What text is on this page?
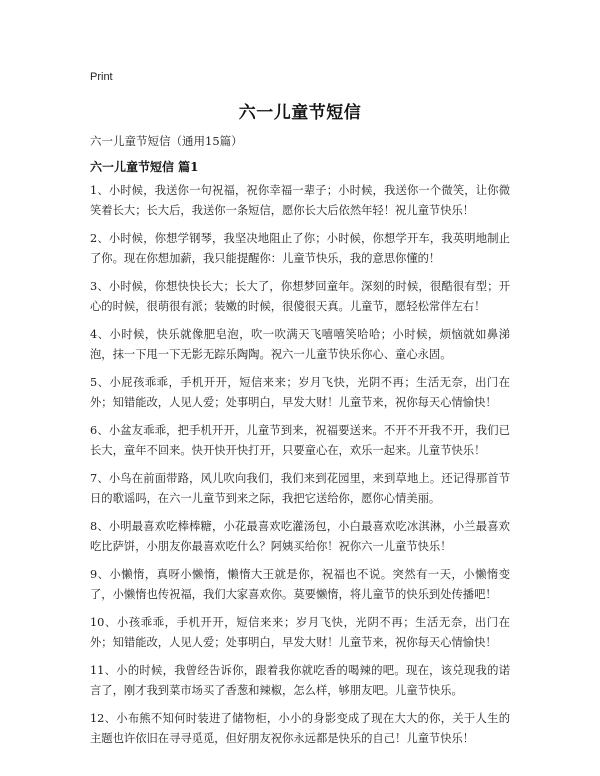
Print
六一儿童节短信
六一儿童节短信（通用15篇）
六一儿童节短信 篇1
1、小时候，我送你一句祝福，祝你幸福一辈子；小时候，我送你一个微笑，让你微笑着长大；长大后，我送你一条短信，愿你长大后依然年轻！祝儿童节快乐！
2、小时候，你想学钢琴，我坚决地阻止了你；小时候，你想学开车，我英明地制止了你。现在你想加薪，我只能提醒你：儿童节快乐，我的意思你懂的！
3、小时候，你想快快长大；长大了，你想梦回童年。深刻的时候，很酷很有型；开心的时候，很萌很有派；装嫩的时候，很傻很天真。儿童节，愿轻松常伴左右！
4、小时候，快乐就像肥皂泡，吹一吹满天飞嘻嘻笑哈哈；小时候，烦恼就如鼻涕泡，抹一下甩一下无影无踪乐陶陶。祝六一儿童节快乐你心、童心永固。
5、小屁孩乖乖，手机开开，短信来来；岁月飞快，光阴不再；生活无奈，出门在外；知错能改，人见人爱；处事明白，早发大财！儿童节来，祝你每天心情愉快！
6、小盆友乖乖，把手机开开，儿童节到来，祝福要送来。不开不开我不开，我们已长大，童年不回来。快开快开快打开，只要童心在，欢乐一起来。儿童节快乐！
7、小鸟在前面带路，风儿吹向我们，我们来到花园里，来到草地上。还记得那首节日的歌谣吗，在六一儿童节到来之际，我把它送给你，愿你心情美丽。
8、小明最喜欢吃棒棒糖，小花最喜欢吃灌汤包，小白最喜欢吃冰淇淋，小兰最喜欢吃比萨饼，小朋友你最喜欢吃什么？阿姨买给你！祝你六一儿童节快乐！
9、小懒惰，真呀小懒惰，懒惰大王就是你，祝福也不说。突然有一天，小懒惰变了，小懒惰也传祝福，我们大家喜欢你。莫要懒惰，将儿童节的快乐到处传播吧！
10、小孩乖乖，手机开开，短信来来；岁月飞快，光阴不再；生活无奈，出门在外；知错能改，人见人爱；处事明白，早发大财！儿童节来，祝你每天心情愉快！
11、小的时候，我曾经告诉你，跟着我你就吃香的喝辣的吧。现在，该兑现我的诺言了，刚才我到菜市场买了香葱和辣椒，怎么样，够朋友吧。儿童节快乐。
12、小布熊不知何时装进了储物柜，小小的身影变成了现在大大的你，关于人生的主题也许依旧在寻寻觅觅，但好朋友祝你永远都是快乐的自己！儿童节快乐！
